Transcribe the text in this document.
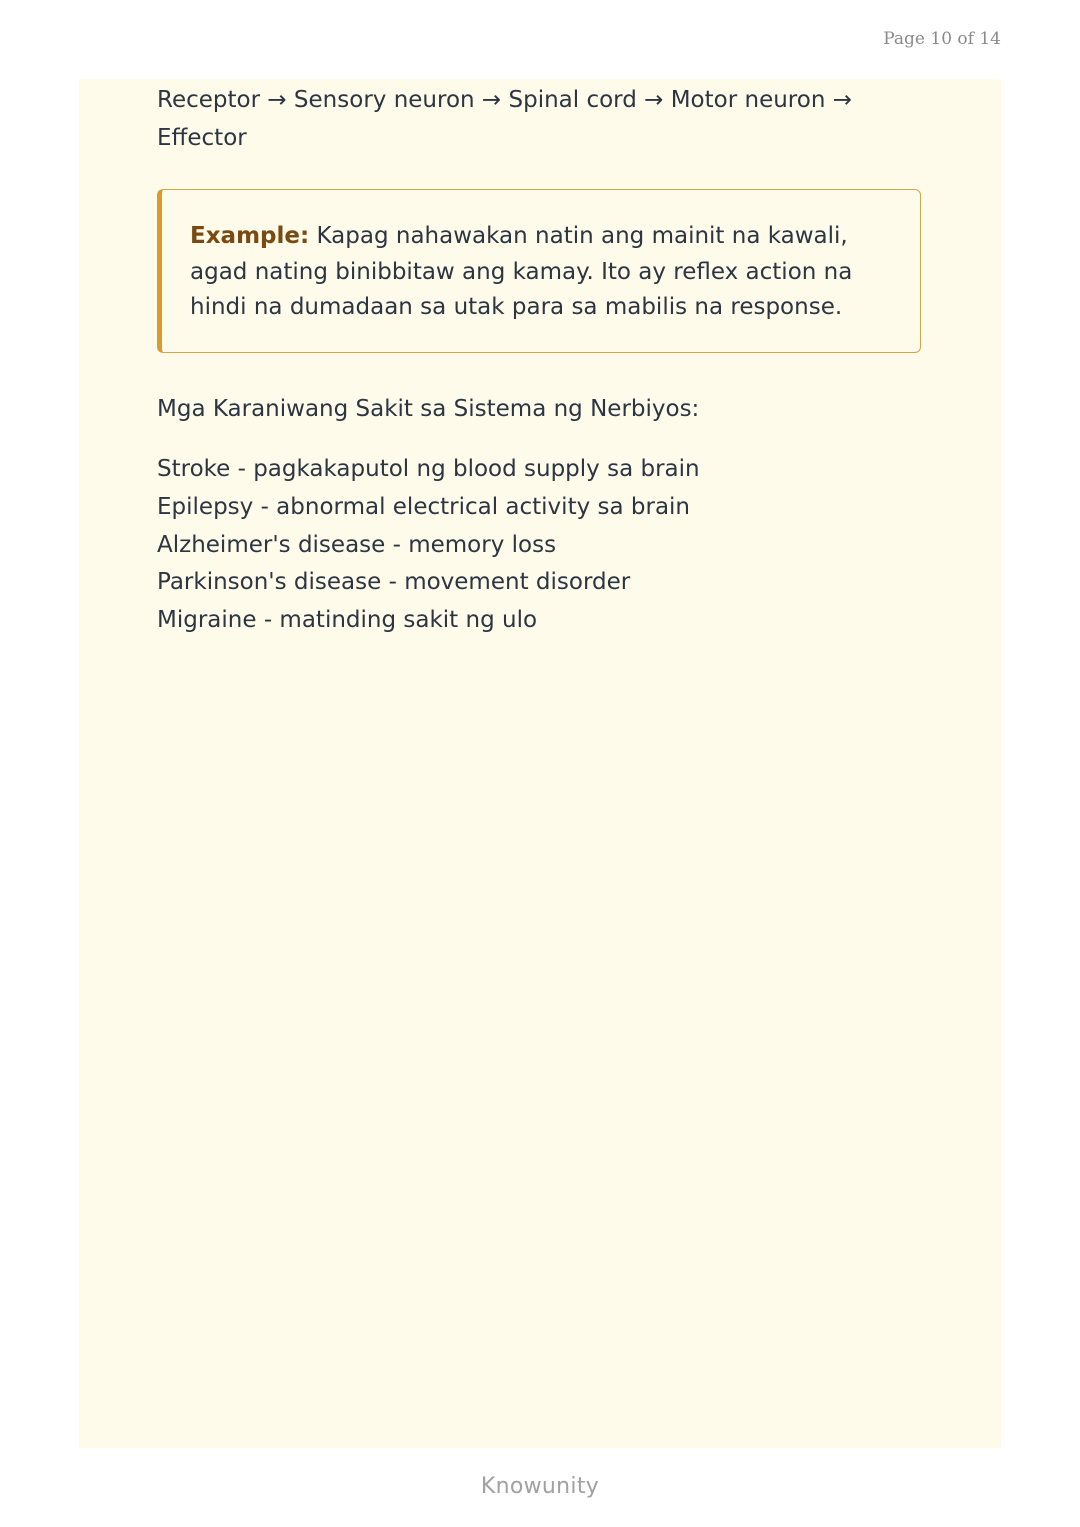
Page 10 of 14

Receptor → Sensory neuron → Spinal cord → Motor neuron → Effector

Example: Kapag nahawakan natin ang mainit na kawali, agad nating binibbitaw ang kamay. Ito ay reflex action na hindi na dumadaan sa utak para sa mabilis na response.

Mga Karaniwang Sakit sa Sistema ng Nerbiyos:
Stroke - pagkakaputol ng blood supply sa brain
Epilepsy - abnormal electrical activity sa brain
Alzheimer's disease - memory loss
Parkinson's disease - movement disorder
Migraine - matinding sakit ng ulo
Knowunity
